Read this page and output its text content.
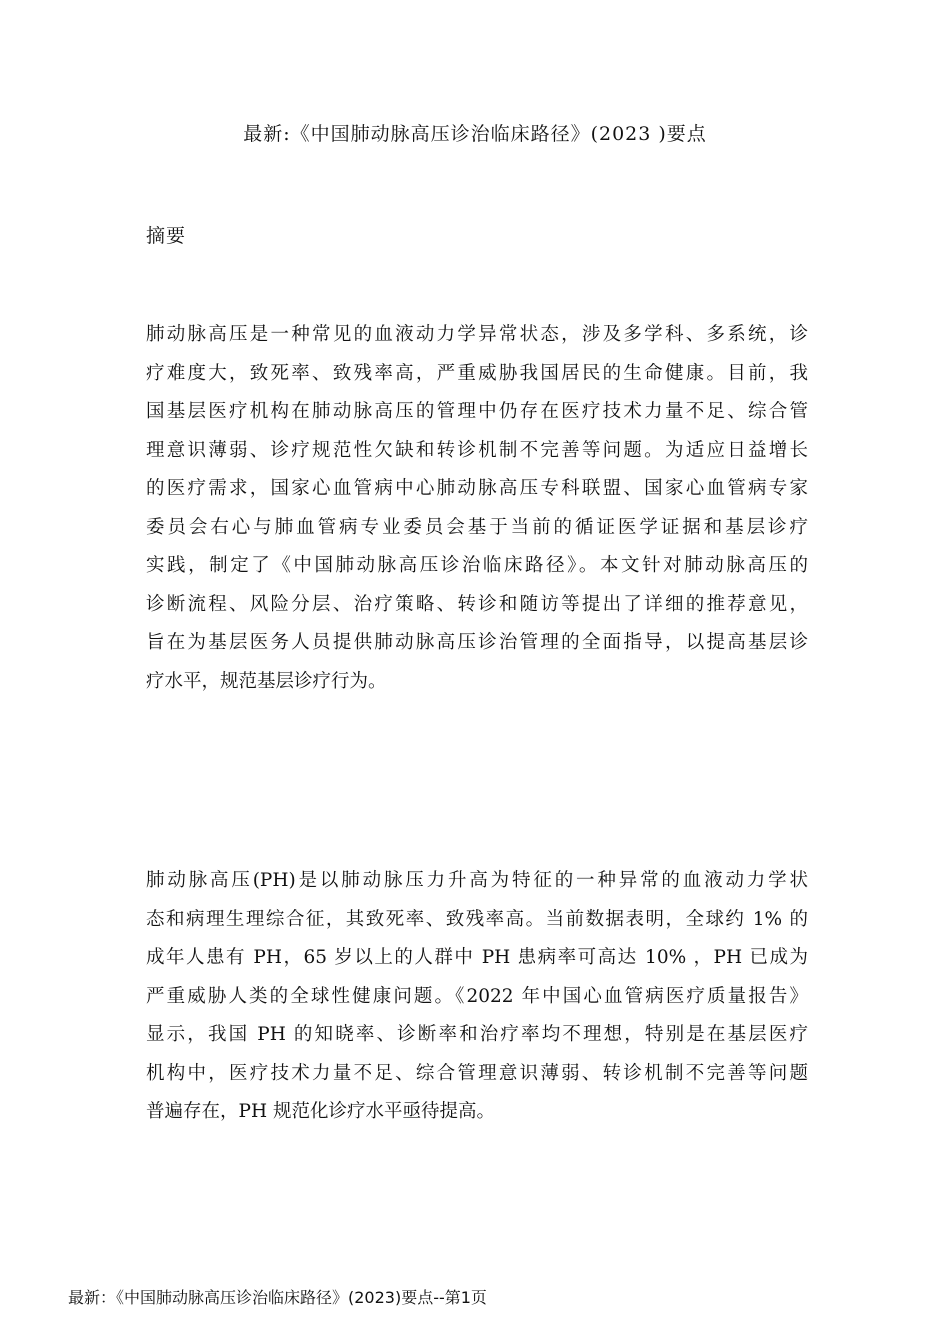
最新:《中国肺动脉高压诊治临床路径》(2023 )要点
摘要
肺动脉高压是一种常见的血液动力学异常状态，涉及多学科、多系统，诊
疗难度大，致死率、致残率高，严重威胁我国居民的生命健康。目前，我
国基层医疗机构在肺动脉高压的管理中仍存在医疗技术力量不足、综合管
理意识薄弱、诊疗规范性欠缺和转诊机制不完善等问题。为适应日益增长
的医疗需求，国家心血管病中心肺动脉高压专科联盟、国家心血管病专家
委员会右心与肺血管病专业委员会基于当前的循证医学证据和基层诊疗
实践，制定了《中国肺动脉高压诊治临床路径》。本文针对肺动脉高压的
诊断流程、风险分层、治疗策略、转诊和随访等提出了详细的推荐意见，
旨在为基层医务人员提供肺动脉高压诊治管理的全面指导，以提高基层诊
疗水平，规范基层诊疗行为。
肺动脉高压(PH)是以肺动脉压力升高为特征的一种异常的血液动力学状
态和病理生理综合征，其致死率、致残率高。当前数据表明，全球约 1% 的
成年人患有 PH，65 岁以上的人群中 PH 患病率可高达 10% ，PH 已成为
严重威胁人类的全球性健康问题。《2022 年中国心血管病医疗质量报告》
显示，我国 PH 的知晓率、诊断率和治疗率均不理想，特别是在基层医疗
机构中，医疗技术力量不足、综合管理意识薄弱、转诊机制不完善等问题
普遍存在，PH 规范化诊疗水平亟待提高。
最新：《中国肺动脉高压诊治临床路径》(2023)要点--第1页
